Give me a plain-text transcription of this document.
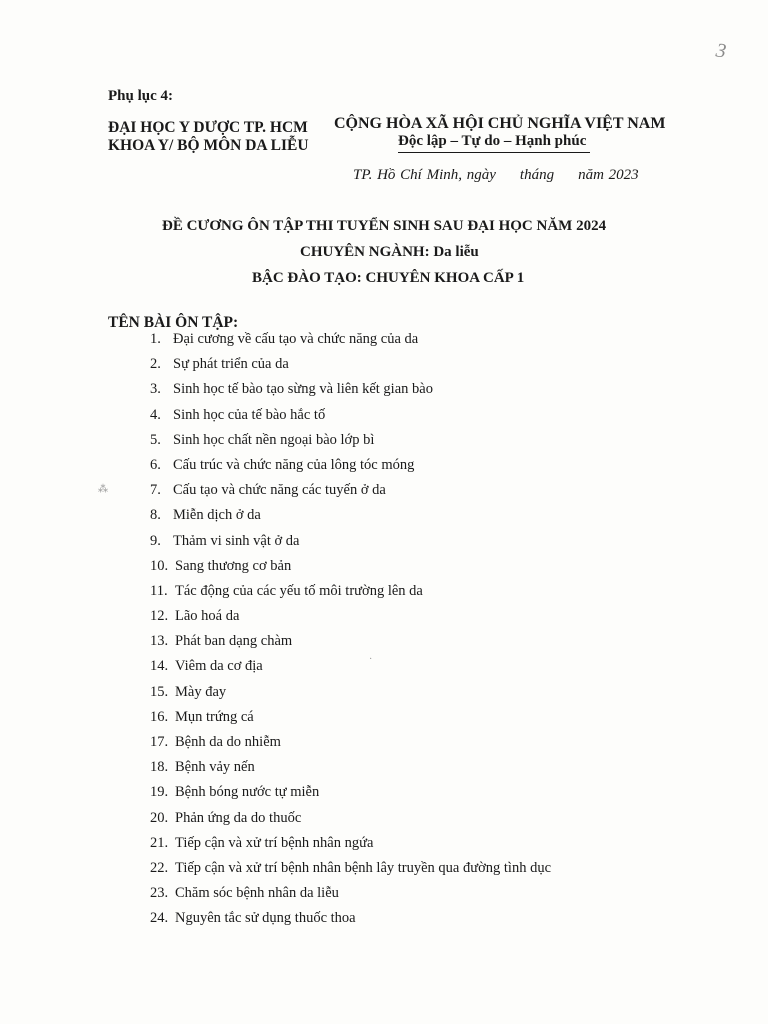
3
Phụ lục 4:
ĐẠI HỌC Y DƯỢC TP. HCM
KHOA Y/ BỘ MÔN DA LIỄU
CỘNG HÒA XÃ HỘI CHỦ NGHĨA VIỆT NAM
Độc lập – Tự do – Hạnh phúc
TP. Hồ Chí Minh, ngày tháng năm 2023
ĐỀ CƯƠNG ÔN TẬP THI TUYỂN SINH SAU ĐẠI HỌC NĂM 2024
CHUYÊN NGÀNH: Da liễu
BẬC ĐÀO TẠO: CHUYÊN KHOA CẤP 1
TÊN BÀI ÔN TẬP:
1. Đại cương về cấu tạo và chức năng của da
2. Sự phát triển của da
3. Sinh học tế bào tạo sừng và liên kết gian bào
4. Sinh học của tế bào hắc tố
5. Sinh học chất nền ngoại bào lớp bì
6. Cấu trúc và chức năng của lông tóc móng
7. Cấu tạo và chức năng các tuyến ở da
8. Miễn dịch ở da
9. Thảm vi sinh vật ở da
10. Sang thương cơ bản
11. Tác động của các yếu tố môi trường lên da
12. Lão hoá da
13. Phát ban dạng chàm
14. Viêm da cơ địa
15. Mày đay
16. Mụn trứng cá
17. Bệnh da do nhiễm
18. Bệnh vảy nến
19. Bệnh bóng nước tự miễn
20. Phản ứng da do thuốc
21. Tiếp cận và xử trí bệnh nhân ngứa
22. Tiếp cận và xử trí bệnh nhân bệnh lây truyền qua đường tình dục
23. Chăm sóc bệnh nhân da liễu
24. Nguyên tắc sử dụng thuốc thoa
⁂
·
